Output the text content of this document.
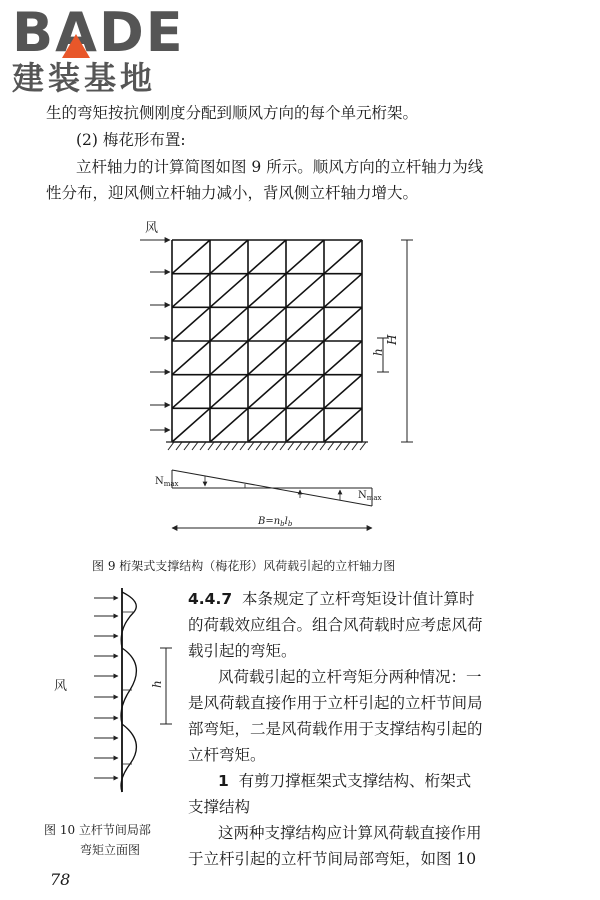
BADE
建装基地
生的弯矩按抗侧刚度分配到顺风方向的每个单元桁架。
(2) 梅花形布置:
立杆轴力的计算简图如图 9 所示。顺风方向的立杆轴力为线
性分布，迎风侧立杆轴力减小，背风侧立杆轴力增大。
风
H
h
$N_{max}$
$N_{max}$
$B=n_bl_b$
图 9 桁架式支撑结构（梅花形）风荷载引起的立杆轴力图
h
风
图 10 立杆节间局部
弯矩立面图
4.4.7 本条规定了立杆弯矩设计值计算时
的荷载效应组合。组合风荷载时应考虑风荷
载引起的弯矩。
风荷载引起的立杆弯矩分两种情况：一
是风荷载直接作用于立杆引起的立杆节间局
部弯矩，二是风荷载作用于支撑结构引起的
立杆弯矩。
1 有剪刀撑框架式支撑结构、桁架式
支撑结构
这两种支撑结构应计算风荷载直接作用
于立杆引起的立杆节间局部弯矩，如图 10
78
